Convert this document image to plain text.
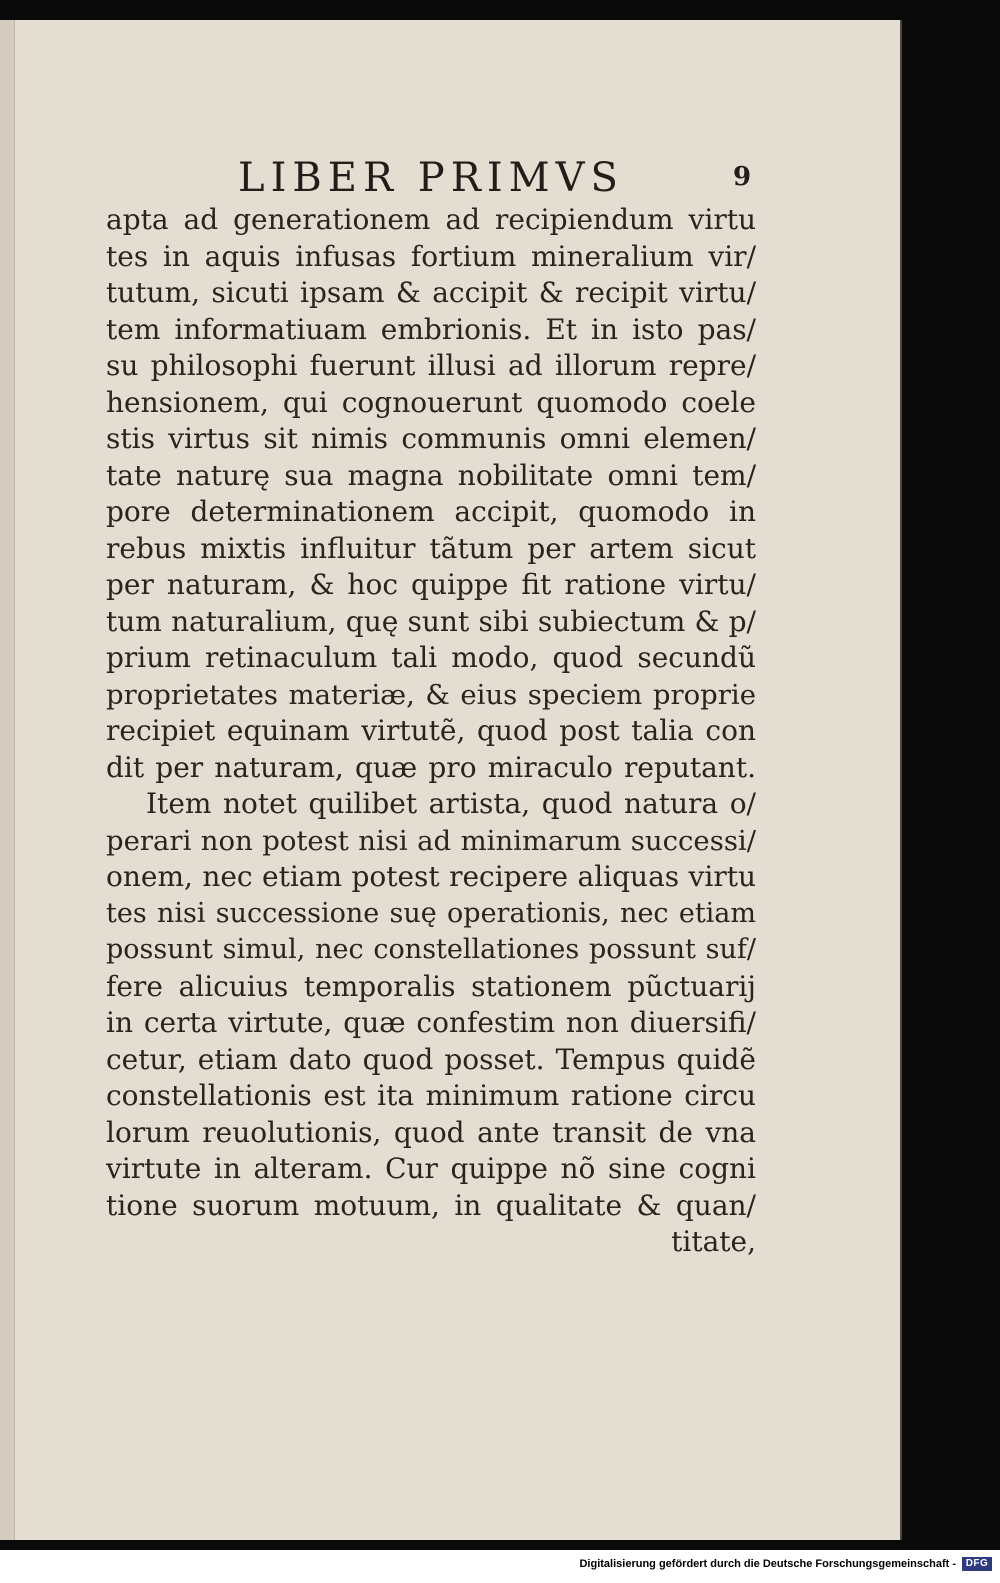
LIBER PRIMVS	9
apta ad generationem ad recipiendum virtu
tes in aquis infusas fortium mineralium vir/
tutum, sicuti ipsam & accipit & recipit virtu/
tem informatiuam embrionis. Et in isto pas/
su philosophi fuerunt illusi ad illorum repre/
hensionem, qui cognouerunt quomodo coele
stis virtus sit nimis communis omni elemen/
tate naturę sua magna nobilitate omni tem/
pore determinationem accipit, quomodo in
rebus mixtis influitur tãtum per artem sicut
per naturam, & hoc quippe fit ratione virtu/
tum naturalium, quę sunt sibi subiectum & p/
prium retinaculum tali modo, quod secundũ
proprietates materiæ, & eius speciem proprie
recipiet equinam virtutẽ, quod post talia con
dit per naturam, quæ pro miraculo reputant.
Item notet quilibet artista, quod natura o/
perari non potest nisi ad minimarum successi/
onem, nec etiam potest recipere aliquas virtu
tes nisi successione suę operationis, nec etiam
possunt simul, nec constellationes possunt suf/
fere alicuius temporalis stationem pũctuarij
in certa virtute, quæ confestim non diuersifi/
cetur, etiam dato quod posset. Tempus quidẽ
constellationis est ita minimum ratione circu
lorum reuolutionis, quod ante transit de vna
virtute in alteram. Cur quippe nõ sine cogni
tione suorum motuum, in qualitate & quan/
titate,
Digitalisierung gefördert durch die Deutsche Forschungsgemeinschaft - DFG
